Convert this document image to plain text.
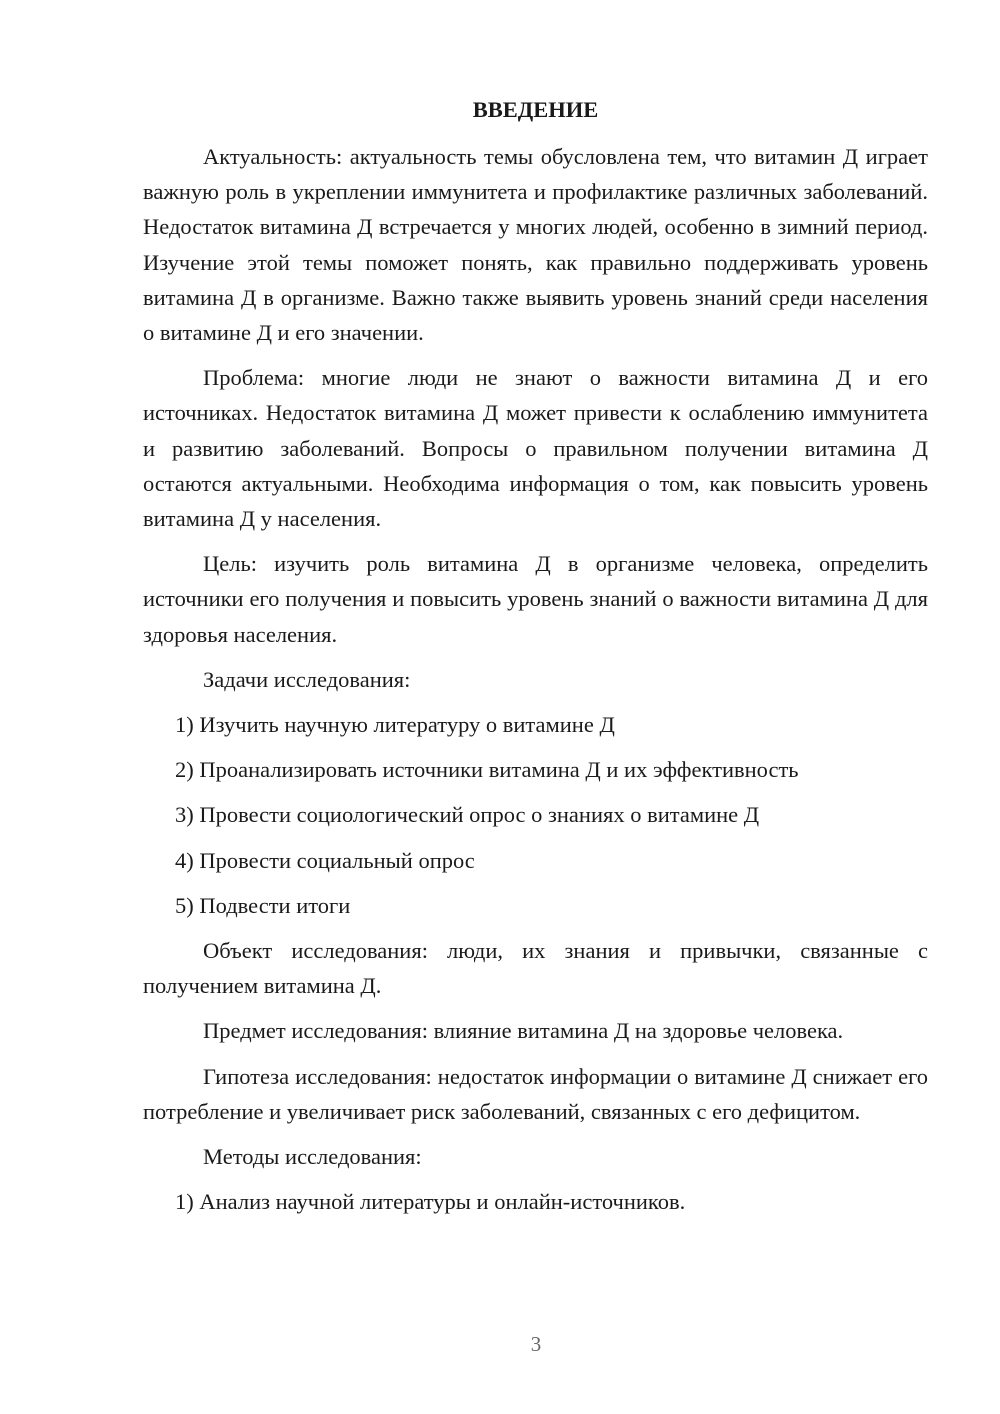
ВВЕДЕНИЕ

Актуальность: актуальность темы обусловлена тем, что витамин Д играет важную роль в укреплении иммунитета и профилактике различных заболеваний. Недостаток витамина Д встречается у многих людей, особенно в зимний период. Изучение этой темы поможет понять, как правильно поддерживать уровень витамина Д в организме. Важно также выявить уровень знаний среди населения о витамине Д и его значении.

Проблема: многие люди не знают о важности витамина Д и его источниках. Недостаток витамина Д может привести к ослаблению иммунитета и развитию заболеваний. Вопросы о правильном получении витамина Д остаются актуальными. Необходима информация о том, как повысить уровень витамина Д у населения.

Цель: изучить роль витамина Д в организме человека, определить источники его получения и повысить уровень знаний о важности витамина Д для здоровья населения.

Задачи исследования:
1) Изучить научную литературу о витамине Д
2) Проанализировать источники витамина Д и их эффективность
3) Провести социологический опрос о знаниях о витамине Д
4) Провести социальный опрос
5) Подвести итоги

Объект исследования: люди, их знания и привычки, связанные с получением витамина Д.

Предмет исследования: влияние витамина Д на здоровье человека.

Гипотеза исследования: недостаток информации о витамине Д снижает его потребление и увеличивает риск заболеваний, связанных с его дефицитом.

Методы исследования:
1) Анализ научной литературы и онлайн-источников.
3
